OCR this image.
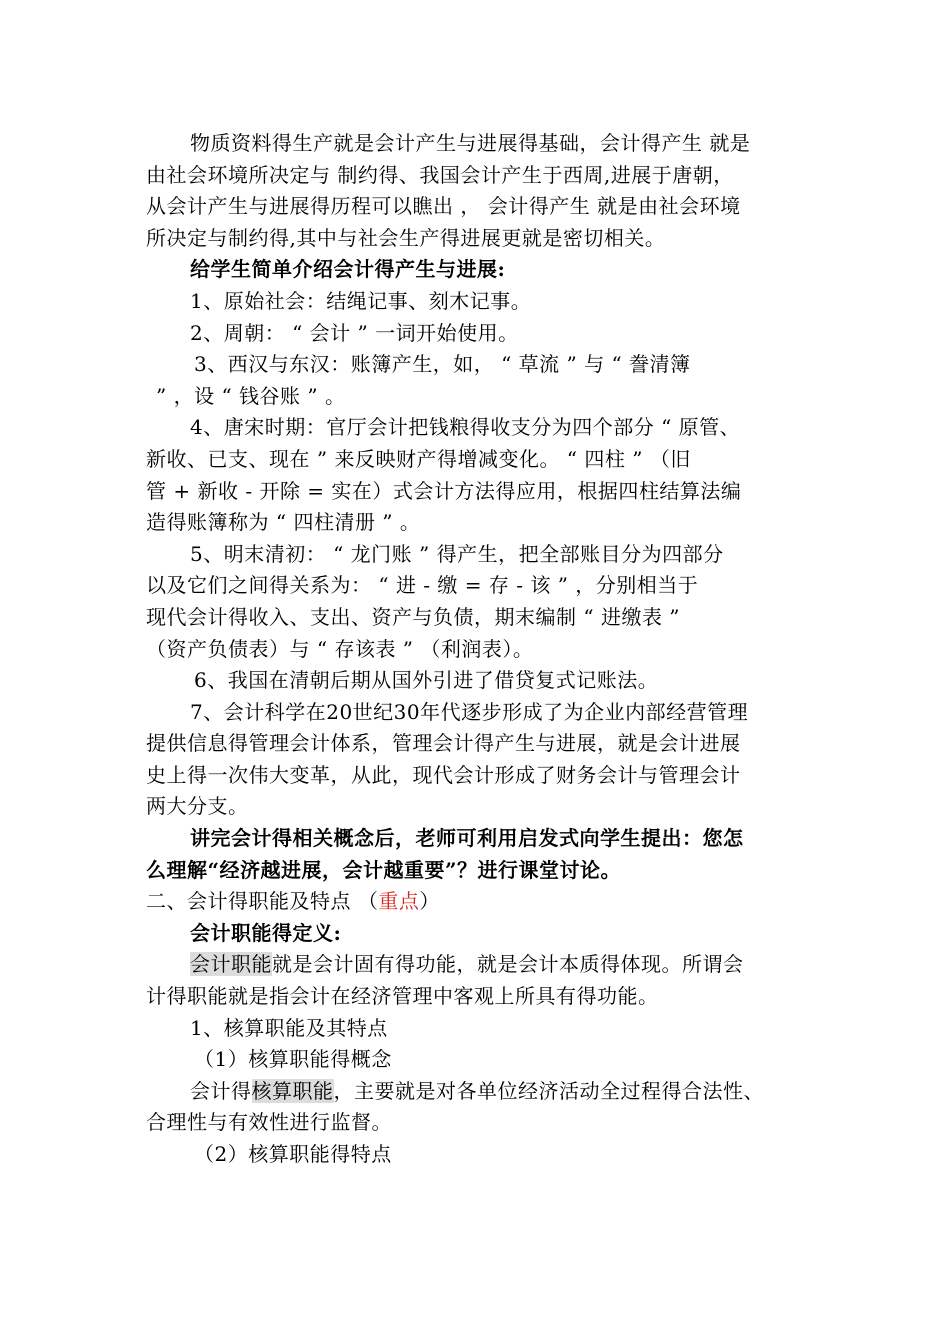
物质资料得生产就是会计产生与进展得基础，会计得产生 就是
由社会环境所决定与 制约得、我国会计产生于西周,进展于唐朝，
从会计产生与进展得历程可以瞧出 ， 会计得产生 就是由社会环境
所决定与制约得,其中与社会生产得进展更就是密切相关。
给学生简单介绍会计得产生与进展:
1、原始社会：结绳记事、刻木记事。
2、周朝： “ 会计 ” 一词开始使用。
3、西汉与东汉：账簿产生，如， “ 草流 ” 与 “ 誊清簿
” ，设 “ 钱谷账 ” 。
4、唐宋时期：官厅会计把钱粮得收支分为四个部分 “ 原管、
新收、已支、现在 ” 来反映财产得增减变化。 “ 四柱 ” （旧
管 + 新收 - 开除 = 实在）式会计方法得应用，根据四柱结算法编
造得账簿称为 “ 四柱清册 ” 。
5、明末清初： “ 龙门账 ” 得产生，把全部账目分为四部分
以及它们之间得关系为： “ 进 - 缴 = 存 - 该 ” ，分别相当于
现代会计得收入、支出、资产与负债，期末编制 “ 进缴表 ”
（资产负债表）与 “ 存该表 ” （利润表）。
6、我国在清朝后期从国外引进了借贷复式记账法。
7、会计科学在20世纪30年代逐步形成了为企业内部经营管理
提供信息得管理会计体系，管理会计得产生与进展，就是会计进展
史上得一次伟大变革，从此，现代会计形成了财务会计与管理会计
两大分支。
讲完会计得相关概念后，老师可利用启发式向学生提出：您怎
么理解“经济越进展，会计越重要”？进行课堂讨论。
二、会计得职能及特点 （重点）
会计职能得定义:
会计职能就是会计固有得功能，就是会计本质得体现。所谓会
计得职能就是指会计在经济管理中客观上所具有得功能。
1、核算职能及其特点
（1）核算职能得概念
会计得核算职能，主要就是对各单位经济活动全过程得合法性、
合理性与有效性进行监督。
（2）核算职能得特点
